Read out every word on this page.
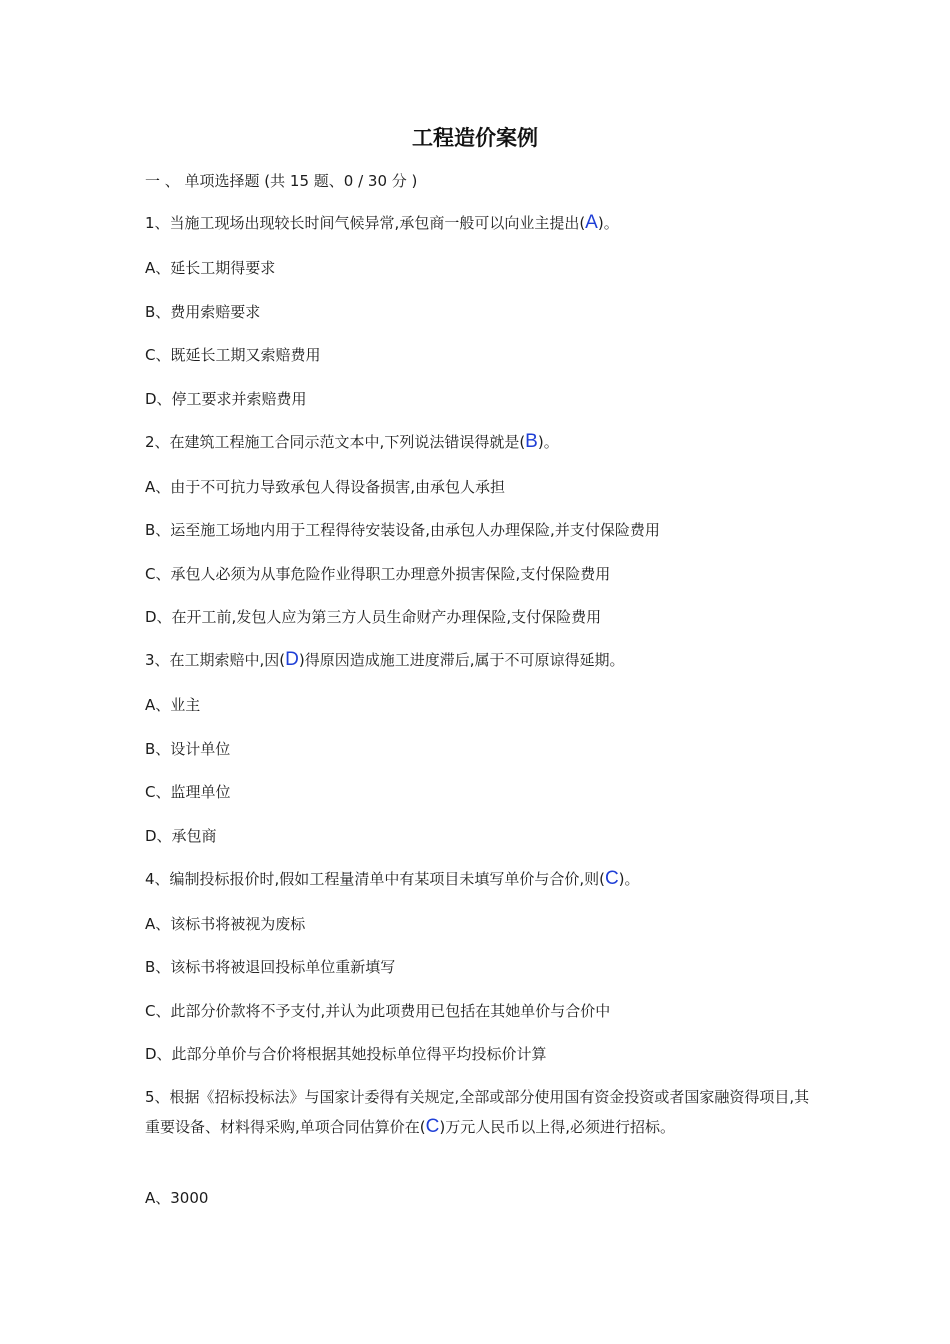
工程造价案例
一 、 单项选择题 (共 15 题、0 / 30 分 )
1、当施工现场出现较长时间气候异常,承包商一般可以向业主提出(A)。
A、延长工期得要求
B、费用索赔要求
C、既延长工期又索赔费用
D、停工要求并索赔费用
2、在建筑工程施工合同示范文本中,下列说法错误得就是(B)。
A、由于不可抗力导致承包人得设备损害,由承包人承担
B、运至施工场地内用于工程得待安装设备,由承包人办理保险,并支付保险费用
C、承包人必须为从事危险作业得职工办理意外损害保险,支付保险费用
D、在开工前,发包人应为第三方人员生命财产办理保险,支付保险费用
3、在工期索赔中,因(D)得原因造成施工进度滞后,属于不可原谅得延期。
A、业主
B、设计单位
C、监理单位
D、承包商
4、编制投标报价时,假如工程量清单中有某项目未填写单价与合价,则(C)。
A、该标书将被视为废标
B、该标书将被退回投标单位重新填写
C、此部分价款将不予支付,并认为此项费用已包括在其她单价与合价中
D、此部分单价与合价将根据其她投标单位得平均投标价计算
5、根据《招标投标法》与国家计委得有关规定,全部或部分使用国有资金投资或者国家融资得项目,其重要设备、材料得采购,单项合同估算价在(C)万元人民币以上得,必须进行招标。
A、3000
